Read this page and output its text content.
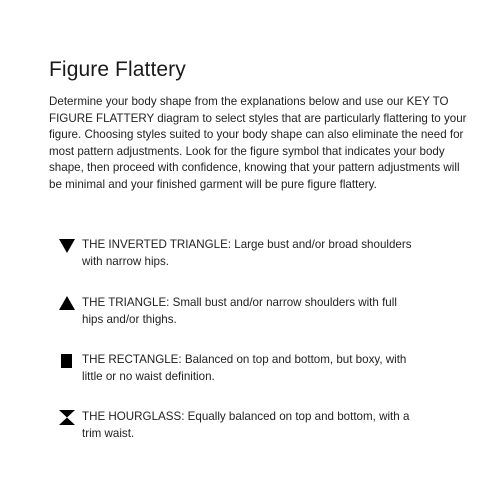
Figure Flattery

Determine your body shape from the explanations below and use our KEY TO FIGURE FLATTERY diagram to select styles that are particularly flattering to your figure. Choosing styles suited to your body shape can also eliminate the need for most pattern adjustments. Look for the figure symbol that indicates your body shape, then proceed with confidence, knowing that your pattern adjustments will be minimal and your finished garment will be pure figure flattery.

THE INVERTED TRIANGLE: Large bust and/or broad shoulders with narrow hips.
THE TRIANGLE: Small bust and/or narrow shoulders with full hips and/or thighs.
THE RECTANGLE: Balanced on top and bottom, but boxy, with little or no waist definition.
THE HOURGLASS: Equally balanced on top and bottom, with a trim waist.
